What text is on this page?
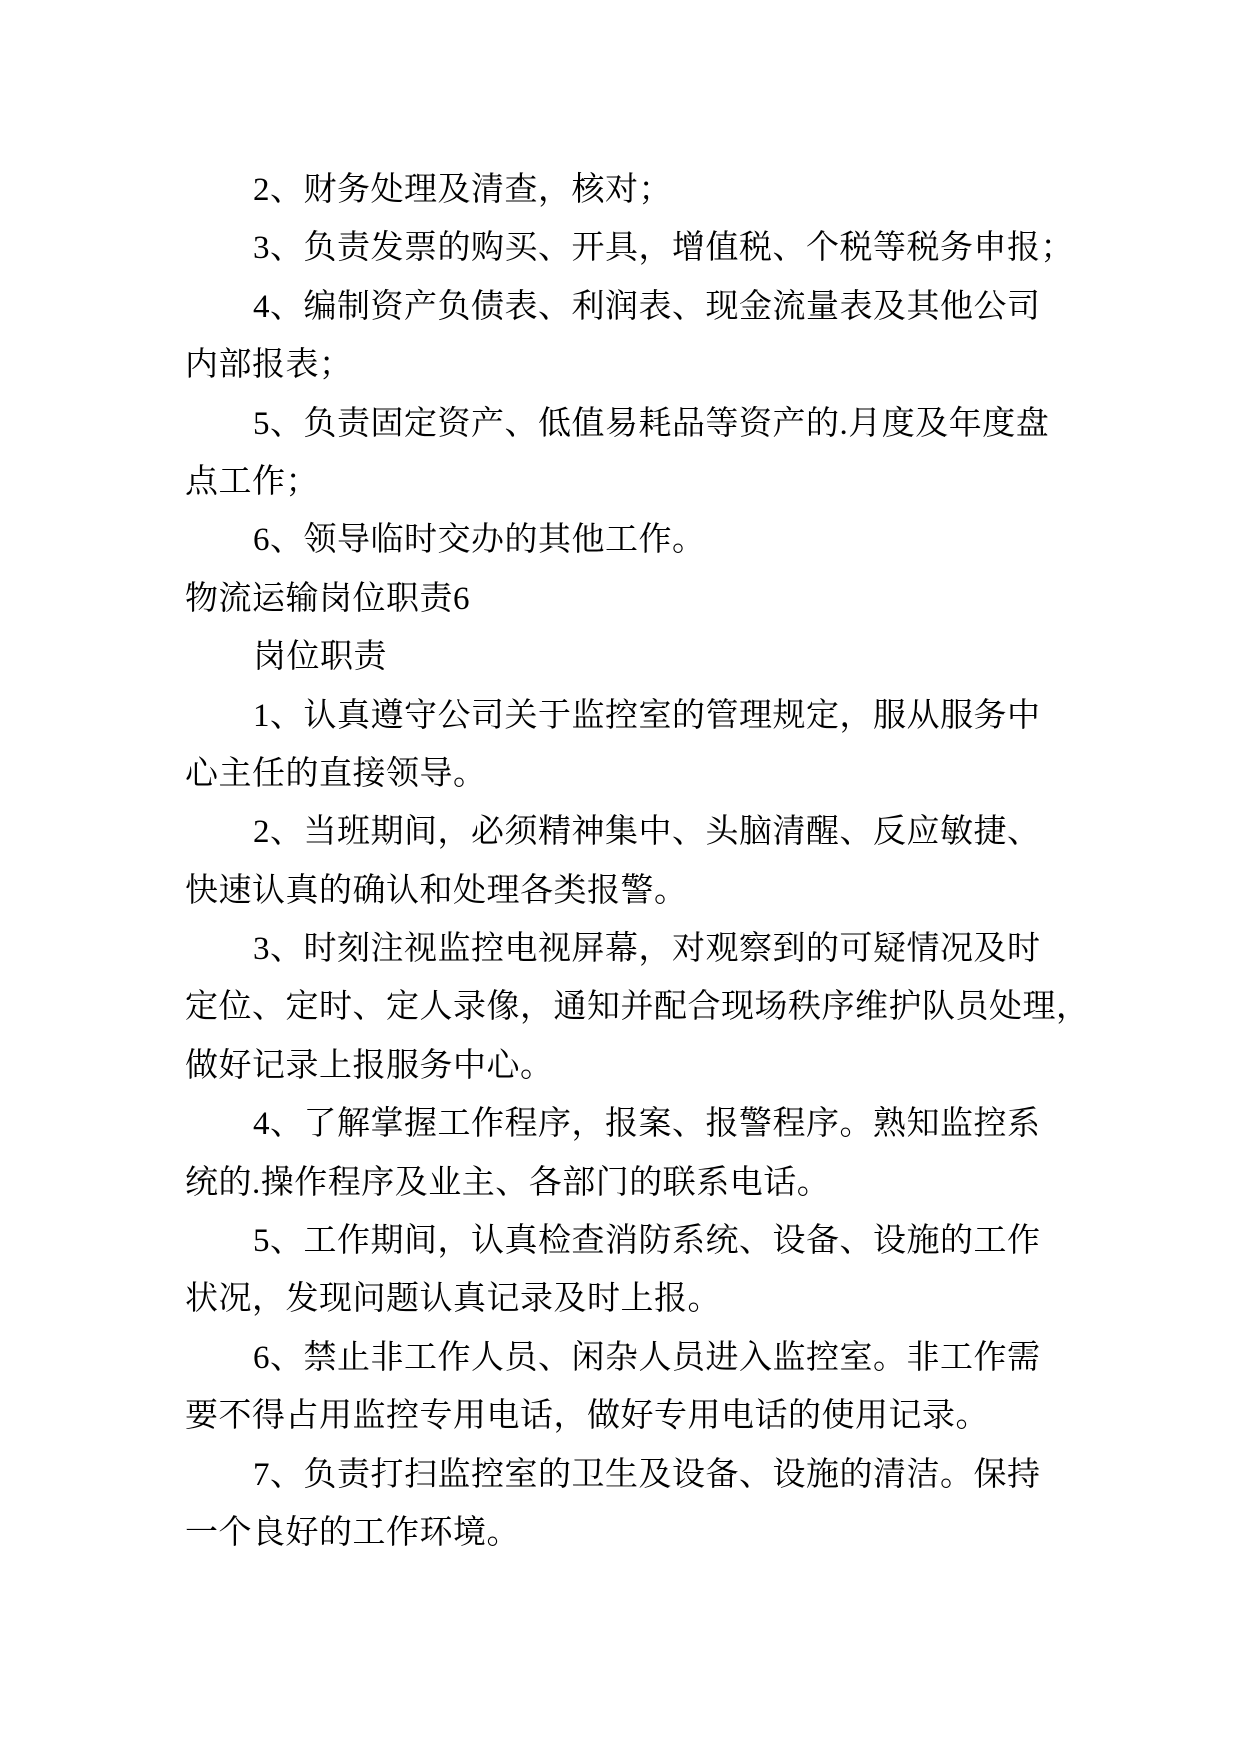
2、财务处理及清查，核对；
3、负责发票的购买、开具，增值税、个税等税务申报；
4、编制资产负债表、利润表、现金流量表及其他公司
内部报表；
5、负责固定资产、低值易耗品等资产的.月度及年度盘
点工作；
6、领导临时交办的其他工作。
物流运输岗位职责6
岗位职责
1、认真遵守公司关于监控室的管理规定，服从服务中
心主任的直接领导。
2、当班期间，必须精神集中、头脑清醒、反应敏捷、
快速认真的确认和处理各类报警。
3、时刻注视监控电视屏幕，对观察到的可疑情况及时
定位、定时、定人录像，通知并配合现场秩序维护队员处理，
做好记录上报服务中心。
4、了解掌握工作程序，报案、报警程序。熟知监控系
统的.操作程序及业主、各部门的联系电话。
5、工作期间，认真检查消防系统、设备、设施的工作
状况，发现问题认真记录及时上报。
6、禁止非工作人员、闲杂人员进入监控室。非工作需
要不得占用监控专用电话，做好专用电话的使用记录。
7、负责打扫监控室的卫生及设备、设施的清洁。保持
一个良好的工作环境。
